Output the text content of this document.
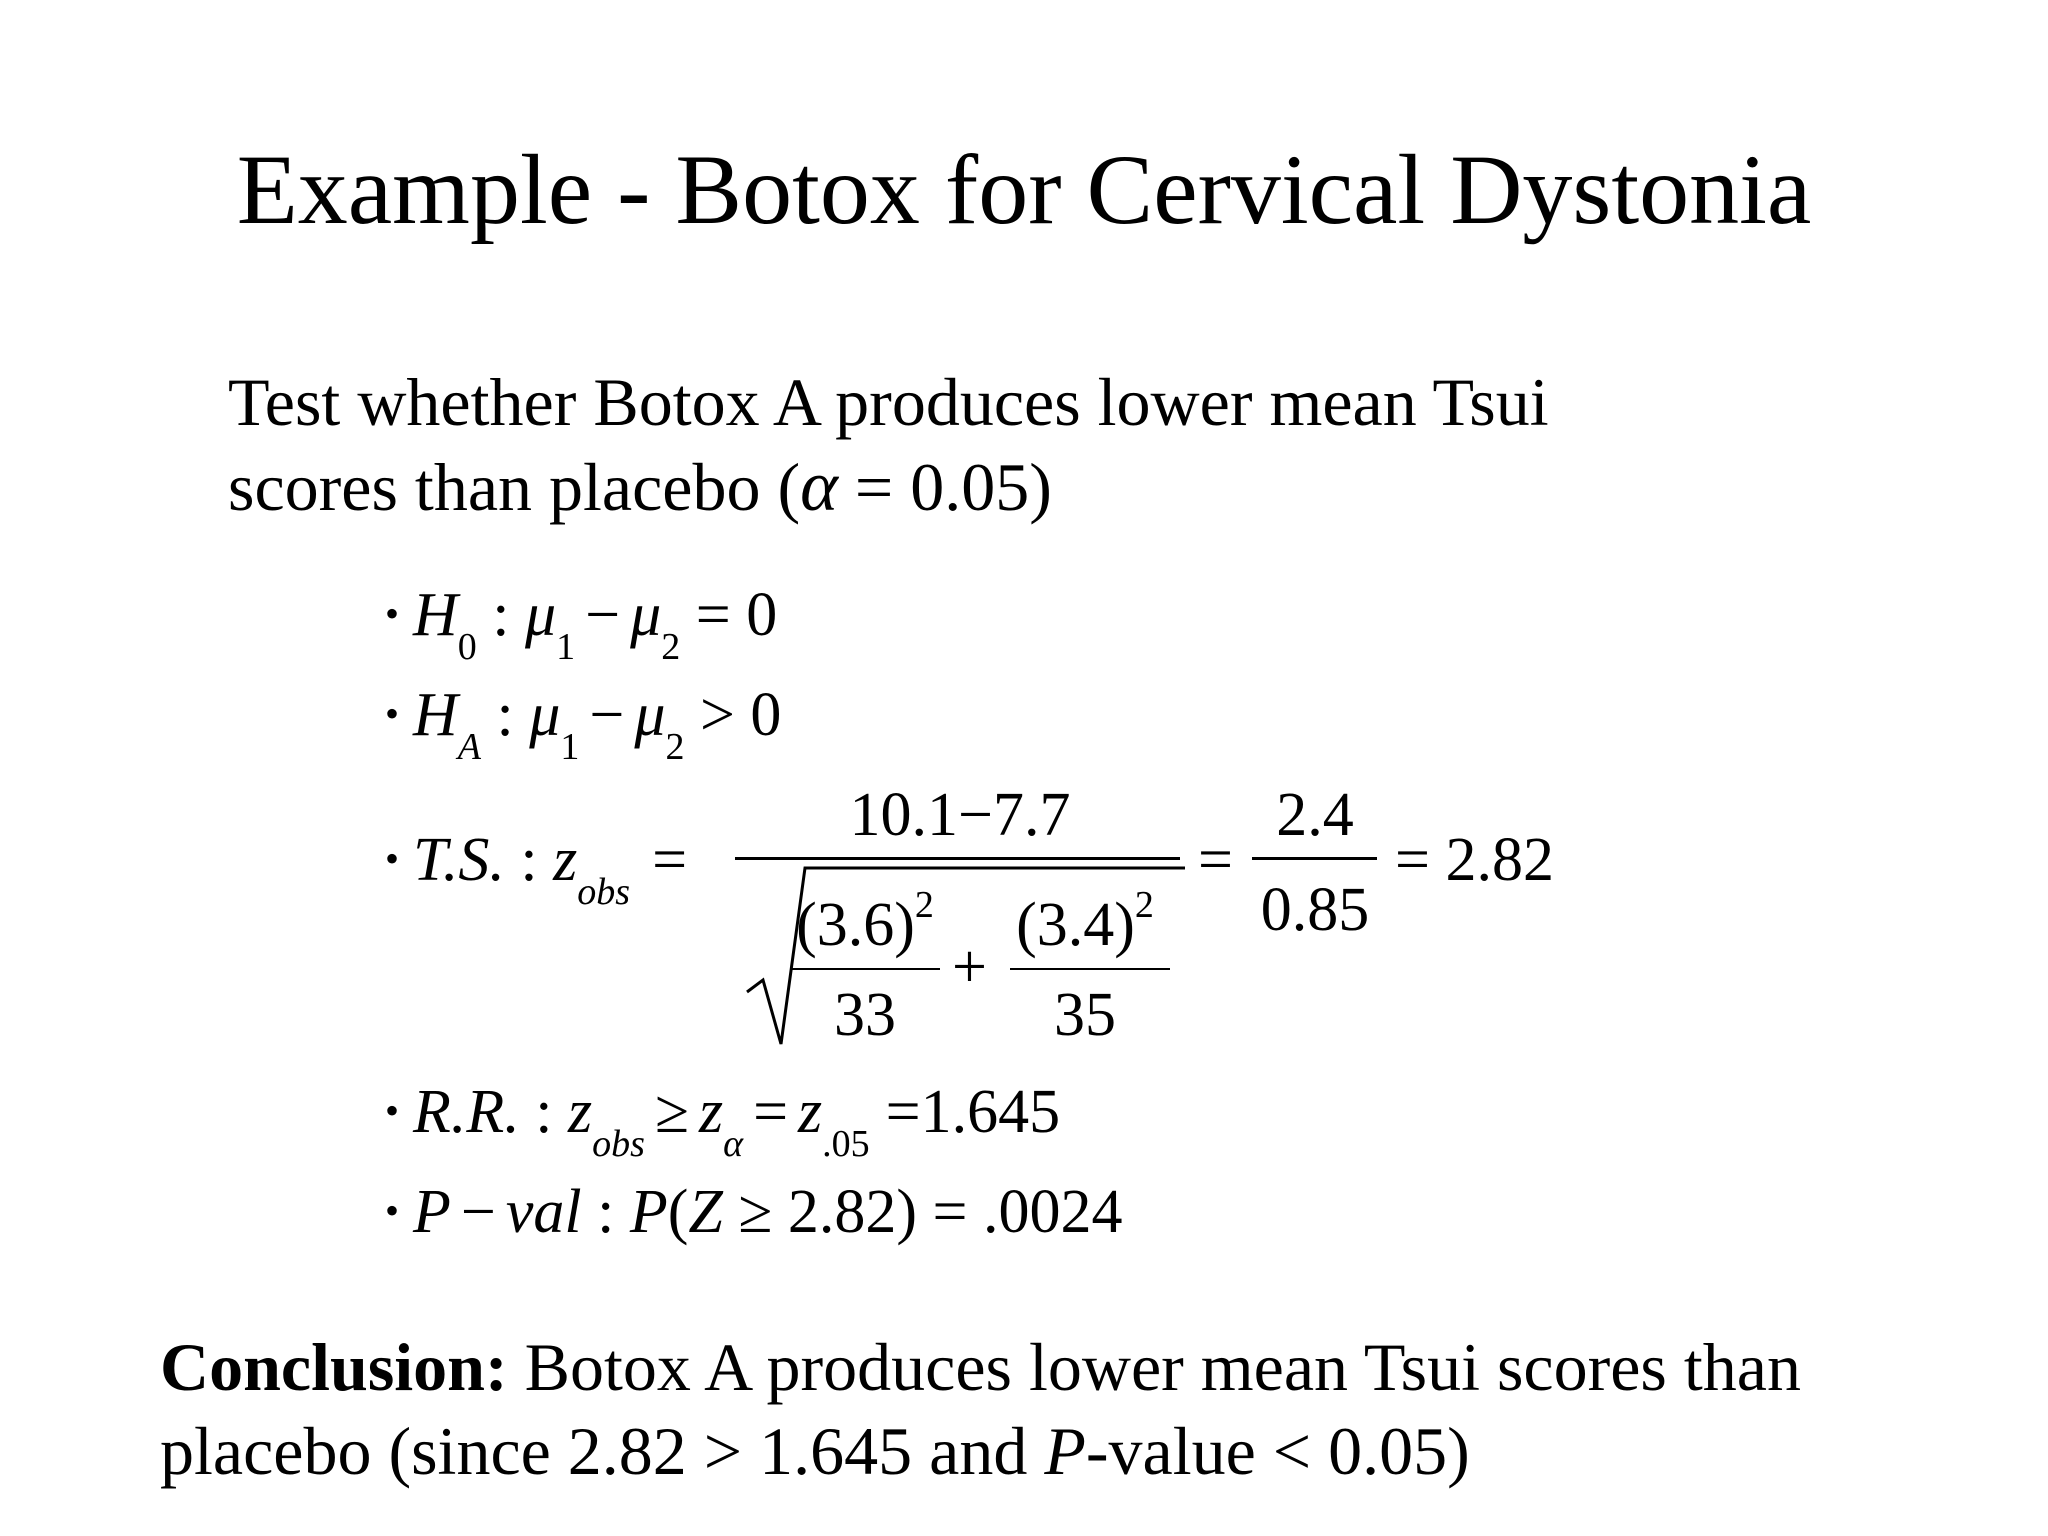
Example - Botox for Cervical Dystonia
Test whether Botox A produces lower mean Tsui
scores than placebo (α = 0.05)
• $H_0$ : $\mu_1 - \mu_2 = 0$
• $H_A$ : $\mu_1 - \mu_2 > 0$
• T.S. : $z_{obs}$ =
10.1−7.7
$(3.6)^2$
33
+
$(3.4)^2$
35
=
2.4
0.85
= 2.82
• R.R. : $z_{obs} \ge z_\alpha = z_{.05} =1.645$
• P − val : P(Z ≥ 2.82) = .0024
Conclusion: Botox A produces lower mean Tsui scores than
placebo (since 2.82 > 1.645 and P-value < 0.05)
